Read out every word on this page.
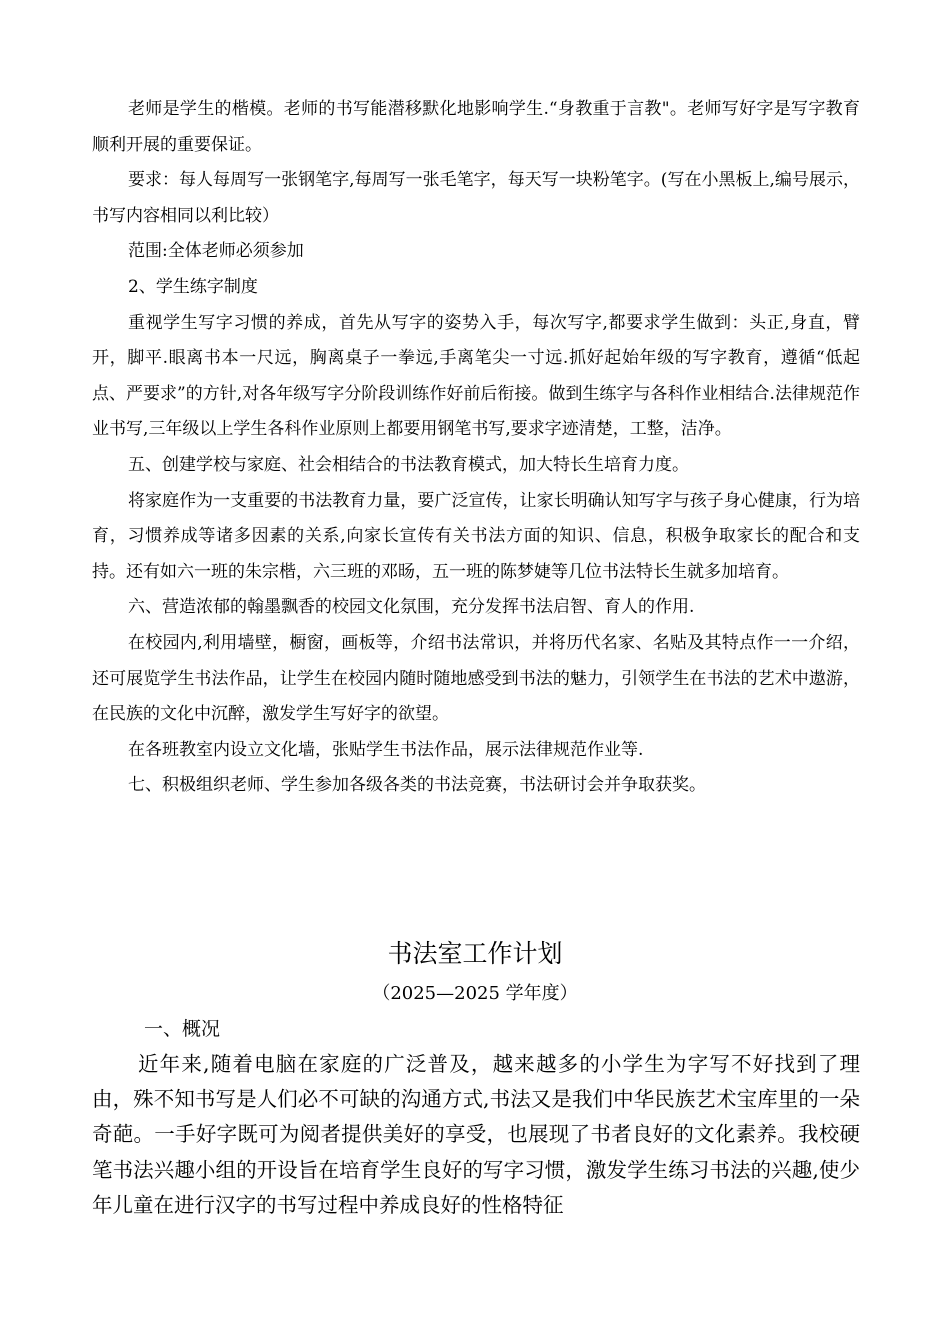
老师是学生的楷模。老师的书写能潜移默化地影响学生.“身教重于言教"。老师写好字是写字教育顺利开展的重要保证。

要求：每人每周写一张钢笔字,每周写一张毛笔字，每天写一块粉笔字。(写在小黑板上,编号展示，书写内容相同以利比较）

范围:全体老师必须参加

2、学生练字制度

重视学生写字习惯的养成，首先从写字的姿势入手，每次写字,都要求学生做到：头正,身直，臂开，脚平.眼离书本一尺远，胸离桌子一拳远,手离笔尖一寸远.抓好起始年级的写字教育，遵循“低起点、严要求”的方针,对各年级写字分阶段训练作好前后衔接。做到生练字与各科作业相结合.法律规范作业书写,三年级以上学生各科作业原则上都要用钢笔书写,要求字迹清楚，工整，洁净。

五、创建学校与家庭、社会相结合的书法教育模式，加大特长生培育力度。

将家庭作为一支重要的书法教育力量，要广泛宣传，让家长明确认知写字与孩子身心健康，行为培育，习惯养成等诸多因素的关系,向家长宣传有关书法方面的知识、信息，积极争取家长的配合和支持。还有如六一班的朱宗楷，六三班的邓旸，五一班的陈梦婕等几位书法特长生就多加培育。

六、营造浓郁的翰墨飘香的校园文化氛围，充分发挥书法启智、育人的作用.

在校园内,利用墙壁，橱窗，画板等，介绍书法常识，并将历代名家、名贴及其特点作一一介绍，还可展览学生书法作品，让学生在校园内随时随地感受到书法的魅力，引领学生在书法的艺术中遨游，在民族的文化中沉醉，激发学生写好字的欲望。

在各班教室内设立文化墙，张贴学生书法作品，展示法律规范作业等.

七、积极组织老师、学生参加各级各类的书法竞赛，书法研讨会并争取获奖。

书法室工作计划

（2025—2025 学年度）

一、概况

近年来,随着电脑在家庭的广泛普及，越来越多的小学生为字写不好找到了理由，殊不知书写是人们必不可缺的沟通方式,书法又是我们中华民族艺术宝库里的一朵奇葩。一手好字既可为阅者提供美好的享受，也展现了书者良好的文化素养。我校硬笔书法兴趣小组的开设旨在培育学生良好的写字习惯，激发学生练习书法的兴趣,使少年儿童在进行汉字的书写过程中养成良好的性格特征
